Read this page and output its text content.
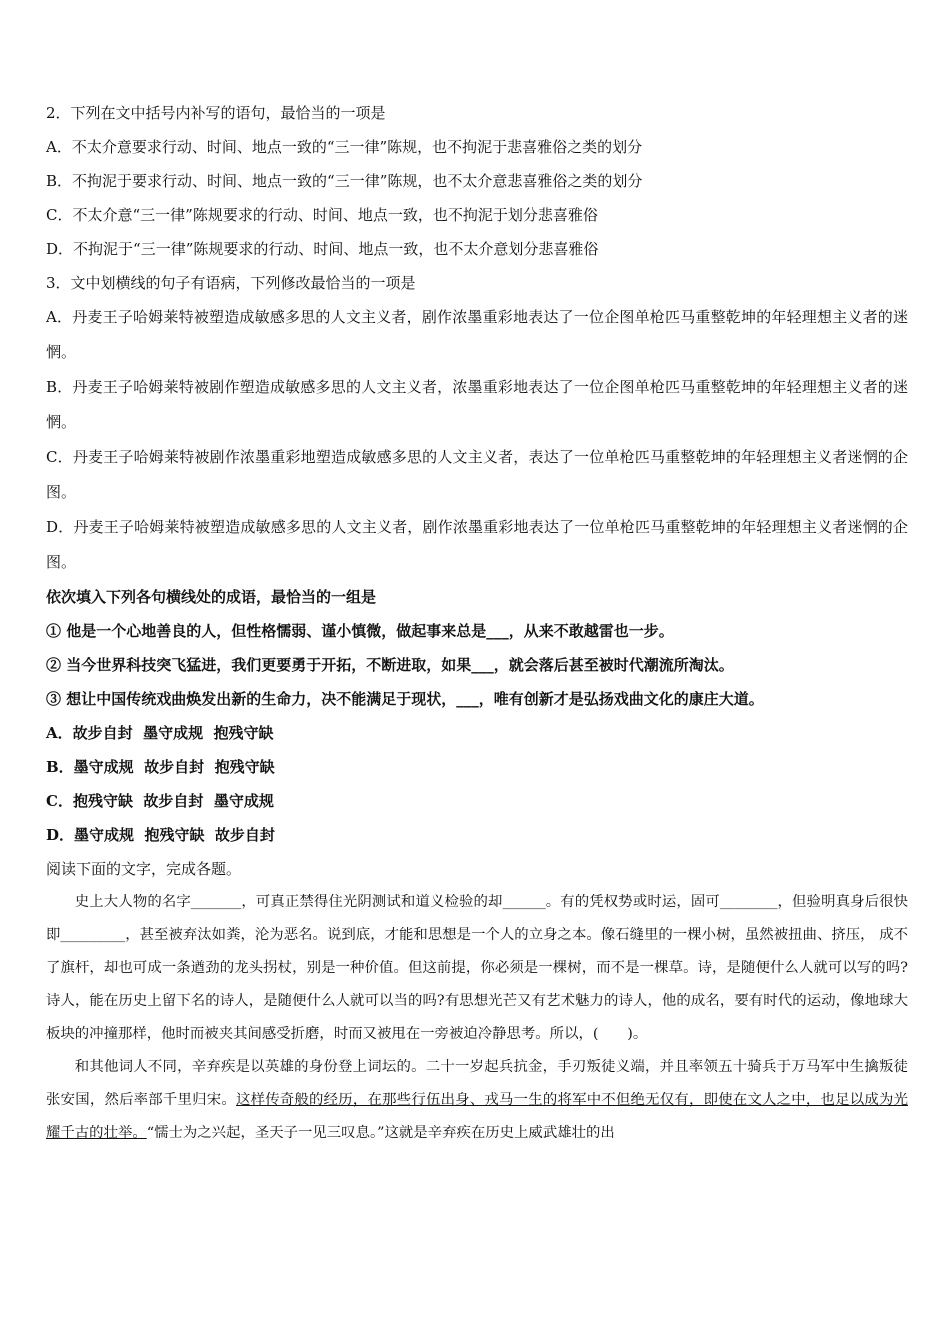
2．下列在文中括号内补写的语句，最恰当的一项是
A．不太介意要求行动、时间、地点一致的“三一律”陈规，也不拘泥于悲喜雅俗之类的划分
B．不拘泥于要求行动、时间、地点一致的“三一律”陈规，也不太介意悲喜雅俗之类的划分
C．不太介意“三一律”陈规要求的行动、时间、地点一致，也不拘泥于划分悲喜雅俗
D．不拘泥于“三一律”陈规要求的行动、时间、地点一致，也不太介意划分悲喜雅俗
3．文中划横线的句子有语病，下列修改最恰当的一项是
A．丹麦王子哈姆莱特被塑造成敏感多思的人文主义者，剧作浓墨重彩地表达了一位企图单枪匹马重整乾坤的年轻理想主义者的迷惘。
B．丹麦王子哈姆莱特被剧作塑造成敏感多思的人文主义者，浓墨重彩地表达了一位企图单枪匹马重整乾坤的年轻理想主义者的迷惘。
C．丹麦王子哈姆莱特被剧作浓墨重彩地塑造成敏感多思的人文主义者，表达了一位单枪匹马重整乾坤的年轻理想主义者迷惘的企图。
D．丹麦王子哈姆莱特被塑造成敏感多思的人文主义者，剧作浓墨重彩地表达了一位单枪匹马重整乾坤的年轻理想主义者迷惘的企图。
依次填入下列各句横线处的成语，最恰当的一组是
① 他是一个心地善良的人，但性格懦弱、谨小慎微，做起事来总是___，从来不敢越雷也一步。
② 当今世界科技突飞猛进，我们更要勇于开拓，不断进取，如果___，就会落后甚至被时代潮流所淘汰。
③ 想让中国传统戏曲焕发出新的生命力，决不能满足于现状，___，唯有创新才是弘扬戏曲文化的康庄大道。
A．故步自封  墨守成规  抱残守缺
B．墨守成规  故步自封  抱残守缺
C．抱残守缺  故步自封  墨守成规
D．墨守成规  抱残守缺  故步自封
阅读下面的文字，完成各题。
史上大人物的名字_______，可真正禁得住光阴测试和道义检验的却______。有的凭权势或时运，固可________，但验明真身后很快即_________，甚至被弃汰如粪，沦为恶名。说到底，才能和思想是一个人的立身之本。像石缝里的一棵小树，虽然被扭曲、挤压， 成不了旗杆，却也可成一条遒劲的龙头拐杖，别是一种价值。但这前提，你必须是一棵树，而不是一棵草。诗，是随便什么人就可以写的吗?诗人，能在历史上留下名的诗人，是随便什么人就可以当的吗?有思想光芒又有艺术魅力的诗人，他的成名，要有时代的运动，像地球大板块的冲撞那样，他时而被夹其间感受折磨，时而又被甩在一旁被迫冷静思考。所以，(　　)。
和其他词人不同，辛弃疾是以英雄的身份登上词坛的。二十一岁起兵抗金，手刃叛徒义端，并且率领五十骑兵于万马军中生擒叛徒张安国，然后率部千里归宋。这样传奇般的经历，在那些行伍出身、戎马一生的将军中不但绝无仅有，即使在文人之中，也足以成为光耀千古的壮举。“懦士为之兴起，圣天子一见三叹息。”这就是辛弃疾在历史上威武雄壮的出
